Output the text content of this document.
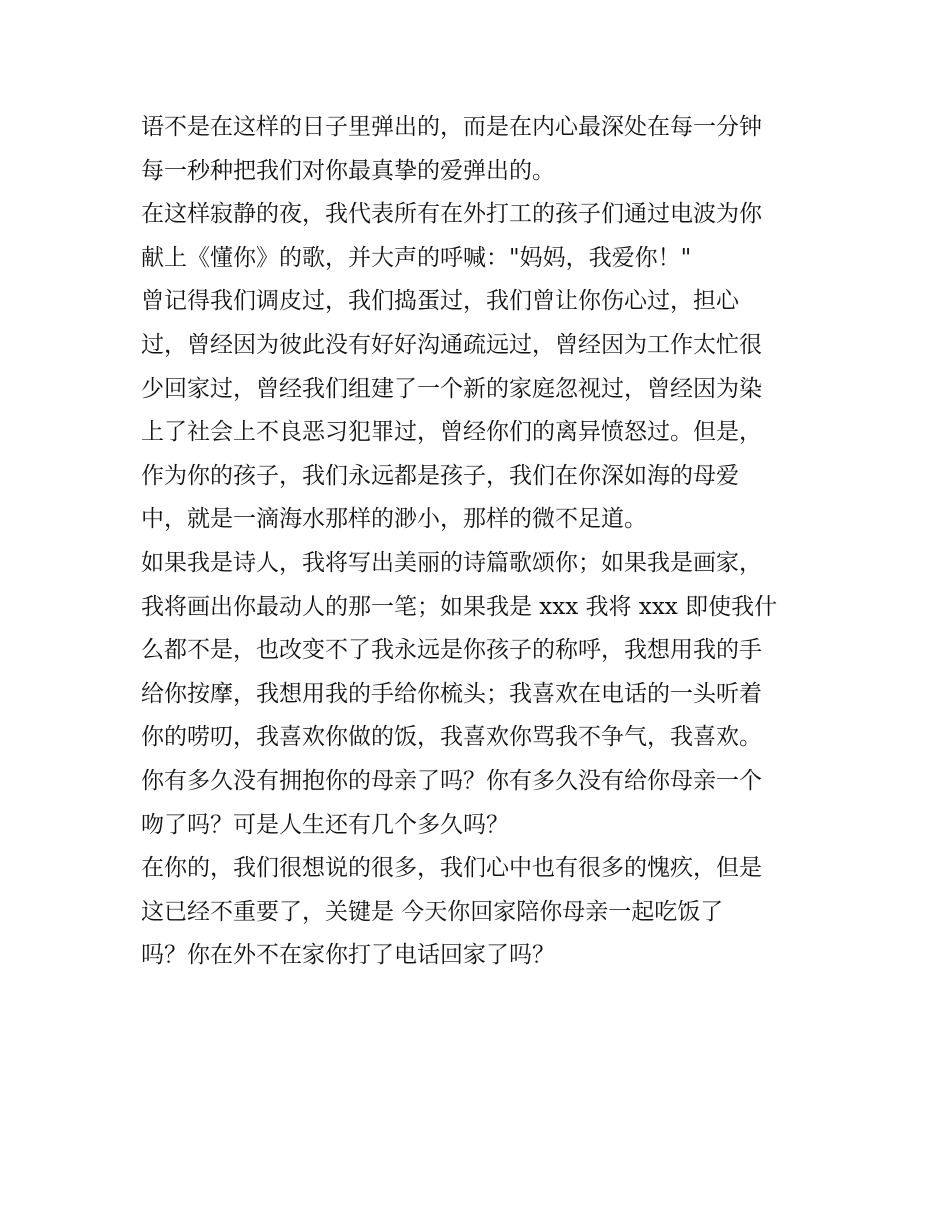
语不是在这样的日子里弹出的，而是在内心最深处在每一分钟
每一秒种把我们对你最真挚的爱弹出的。
在这样寂静的夜，我代表所有在外打工的孩子们通过电波为你
献上《懂你》的歌，并大声的呼喊："妈妈，我爱你！"
曾记得我们调皮过，我们捣蛋过，我们曾让你伤心过，担心
过，曾经因为彼此没有好好沟通疏远过，曾经因为工作太忙很
少回家过，曾经我们组建了一个新的家庭忽视过，曾经因为染
上了社会上不良恶习犯罪过，曾经你们的离异愤怒过。但是，
作为你的孩子，我们永远都是孩子，我们在你深如海的母爱
中，就是一滴海水那样的渺小，那样的微不足道。
如果我是诗人，我将写出美丽的诗篇歌颂你；如果我是画家，
我将画出你最动人的那一笔；如果我是 xxx 我将 xxx 即使我什
么都不是，也改变不了我永远是你孩子的称呼，我想用我的手
给你按摩，我想用我的手给你梳头；我喜欢在电话的一头听着
你的唠叨，我喜欢你做的饭，我喜欢你骂我不争气，我喜欢。
你有多久没有拥抱你的母亲了吗？你有多久没有给你母亲一个
吻了吗？可是人生还有几个多久吗？
在你的，我们很想说的很多，我们心中也有很多的愧疚，但是
这已经不重要了，关键是 今天你回家陪你母亲一起吃饭了
吗？你在外不在家你打了电话回家了吗？
